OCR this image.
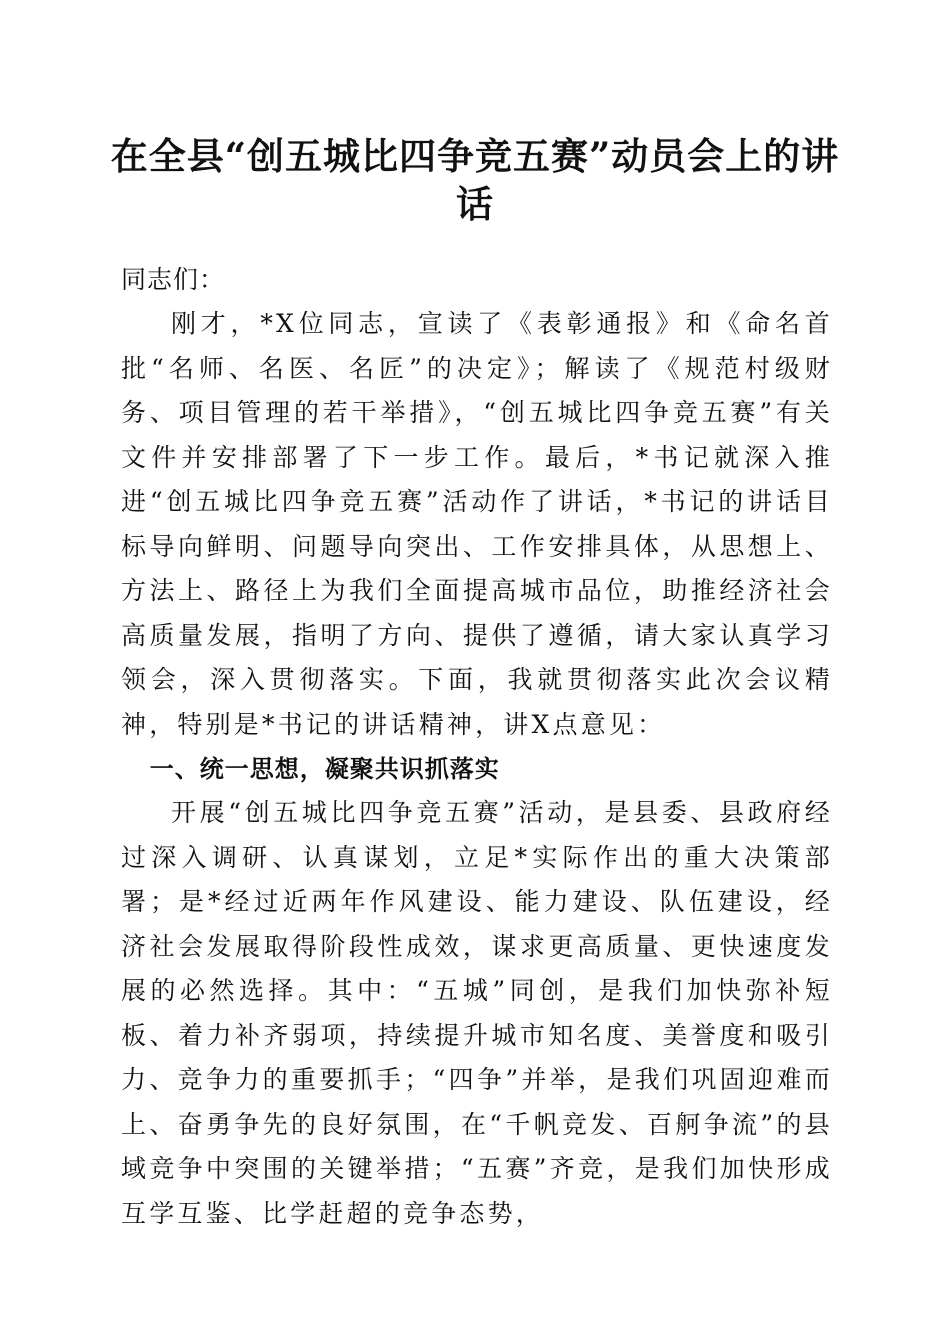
在全县“创五城比四争竞五赛”动员会上的讲话

同志们：

刚才，*X位同志，宣读了《表彰通报》和《命名首批“名师、名医、名匠”的决定》；解读了《规范村级财务、项目管理的若干举措》，“创五城比四争竞五赛”有关文件并安排部署了下一步工作。最后，*书记就深入推进“创五城比四争竞五赛”活动作了讲话，*书记的讲话目标导向鲜明、问题导向突出、工作安排具体，从思想上、方法上、路径上为我们全面提高城市品位，助推经济社会高质量发展，指明了方向、提供了遵循，请大家认真学习领会，深入贯彻落实。下面，我就贯彻落实此次会议精神，特别是*书记的讲话精神，讲X点意见：

一、统一思想，凝聚共识抓落实

开展“创五城比四争竞五赛”活动，是县委、县政府经过深入调研、认真谋划，立足*实际作出的重大决策部署；是*经过近两年作风建设、能力建设、队伍建设，经济社会发展取得阶段性成效，谋求更高质量、更快速度发展的必然选择。其中：“五城”同创，是我们加快弥补短板、着力补齐弱项，持续提升城市知名度、美誉度和吸引力、竞争力的重要抓手；“四争”并举，是我们巩固迎难而上、奋勇争先的良好氛围，在“千帆竞发、百舸争流”的县域竞争中突围的关键举措；“五赛”齐竞，是我们加快形成互学互鉴、比学赶超的竞争态势，
